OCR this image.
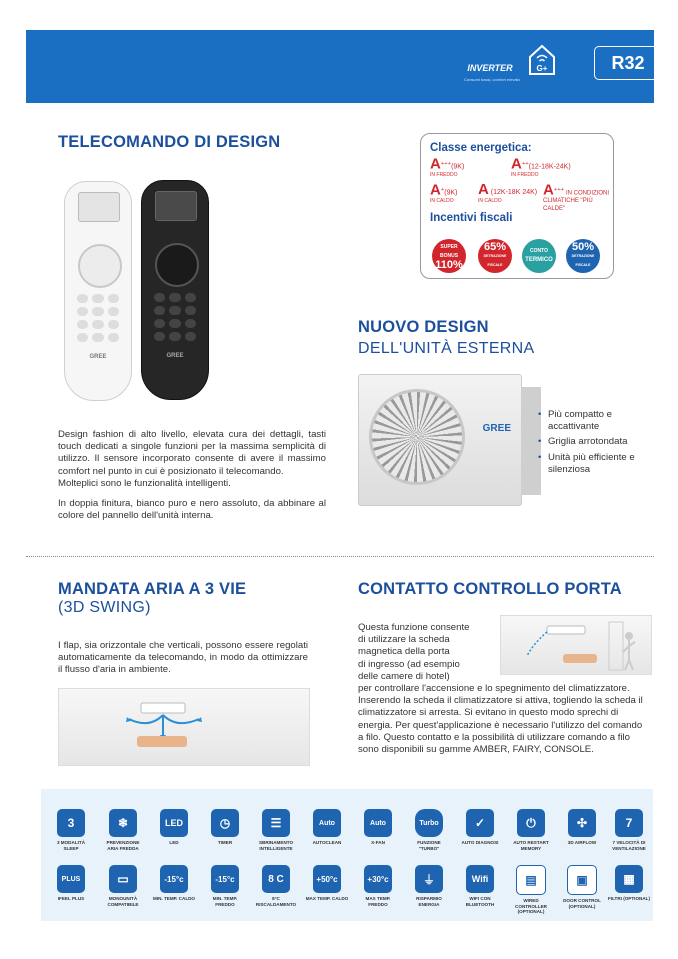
INVERTER
Consumi bassi, comfort elevato
G+	R32
TELECOMANDO DI DESIGN
GREE	GREE
Design fashion di alto livello, elevata cura dei dettagli, tasti touch dedicati a singole funzioni per la massima semplicità di utilizzo. Il sensore incorporato consente di avere il massimo comfort nel punto in cui è posizionato il telecomando.
Molteplici sono le funzionalità intelligenti.
In doppia finitura, bianco puro e nero assoluto, da abbinare al colore del pannello dell'unità interna.
Classe energetica:
A+++(9K)
IN FREDDO
A++(12-18K-24K)
IN FREDDO
A+(9K)
IN CALDO
A (12K-18K 24K)
IN CALDO
A+++ IN CONDIZIONI CLIMATICHE "PIÙ CALDE"
Incentivi fiscali
SUPER BONUS
110%
65%
DETRAZIONE FISCALE
CONTO
TERMICO
50%
DETRAZIONE FISCALE
NUOVO DESIGN
DELL'UNITÀ ESTERNA
GREE
• Più compatto e accattivante
• Griglia arrotondata
• Unità più efficiente e silenziosa
MANDATA ARIA A 3 VIE
(3D SWING)
I flap, sia orizzontale che verticali, possono essere regolati automaticamente da telecomando, in modo da ottimizzare il flusso d'aria in ambiente.
CONTATTO CONTROLLO PORTA
Questa funzione consente
di utilizzare la scheda
magnetica della porta
di ingresso (ad esempio
delle camere di hotel)
per controllare l'accensione e lo spegnimento del climatizzatore. Inserendo la scheda il climatizzatore si attiva, togliendo la scheda il climatizzatore si arresta. Si evitano in questo modo sprechi di energia. Per quest'applicazione è necessario l'utilizzo del comando a filo. Questo contatto e la possibilità di utilizzare comando a filo sono disponibili su gamme AMBER, FAIRY, CONSOLE.
3
3 MODALITÀ SLEEP
❄
PREVENZIONE ARIA FREDDA
LED
LED
◷
TIMER
☰
SBRINAMENTO INTELLIGENTE
Auto
AUTOCLEAN
Auto
X-FAN
Turbo
FUNZIONE "TURBO"
✓
AUTO DIAGNOSI
⏻
AUTO RESTART MEMORY
✣
3D AIRFLOW
7
7 VELOCITÀ DI VENTILAZIONE
PLUS
IFEEL PLUS
▭
MONOUNITÀ COMPATIBILE
-15°c
MIN. TEMP. CALDO
-15°c
MIN. TEMP. FREDDO
8 C
8°C RISCALDAMENTO
+50°c
MAX TEMP. CALDO
+30°c
MAX TEMP. FREDDO
⏚
RISPARMIO ENERGIA
Wifi
WIFI CON BLUETOOTH
▤
WIRED CONTROLLER (OPTIONAL)
▣
DOOR CONTROL (OPTIONAL)
▦
FILTRI (OPTIONAL)
